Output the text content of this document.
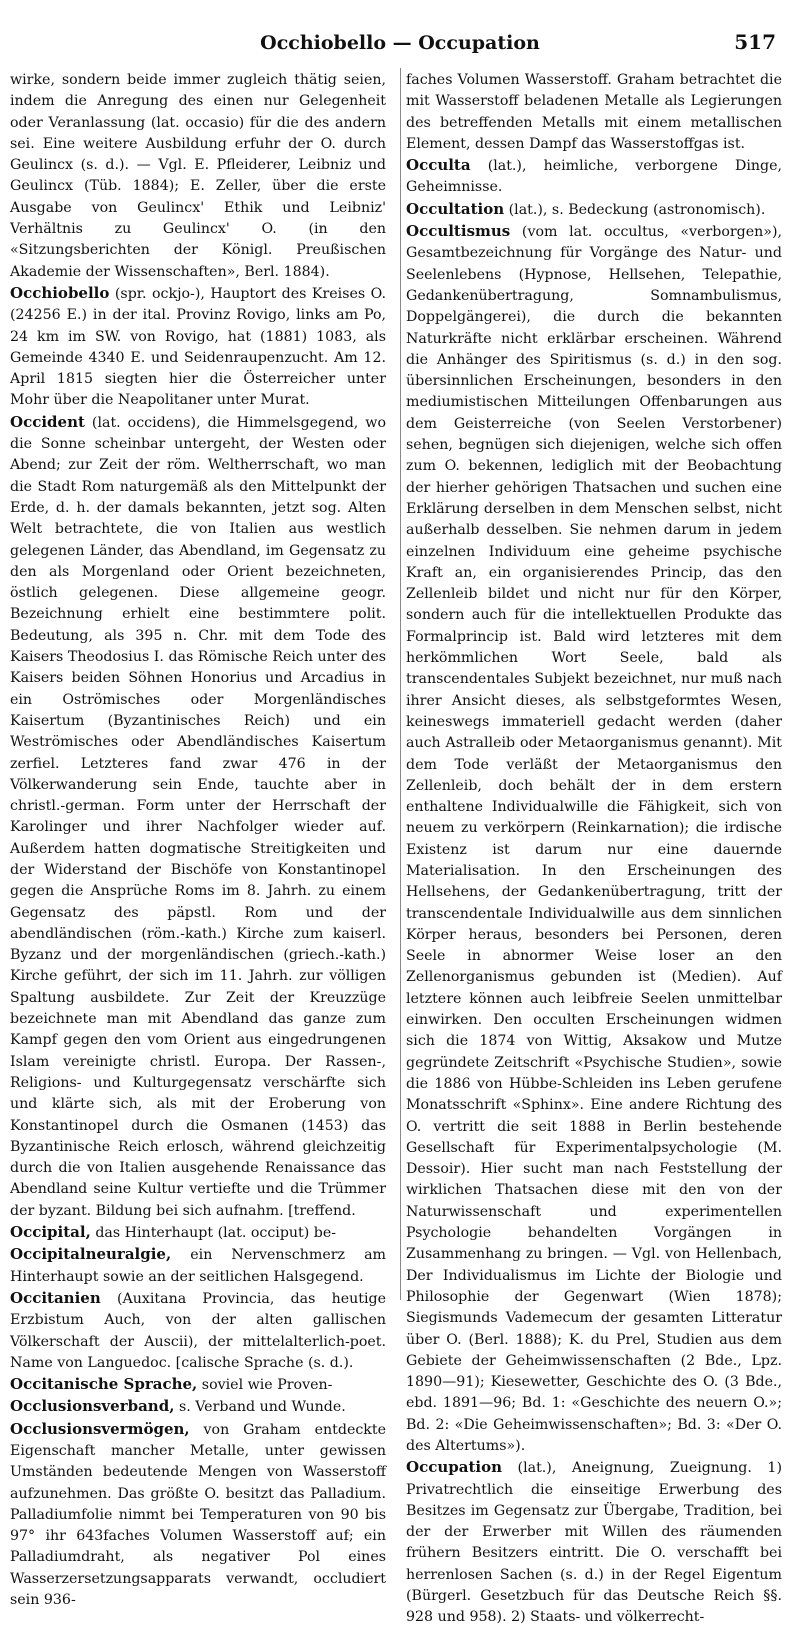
Occhiobello — Occupation	517

wirke, sondern beide immer zugleich thätig seien, indem die Anregung des einen nur Gelegenheit oder Veranlassung (lat. occasio) für die des andern sei. Eine weitere Ausbildung erfuhr der O. durch Geulincx (s. d.). — Vgl. E. Pfleiderer, Leibniz und Geulincx (Tüb. 1884); E. Zeller, über die erste Ausgabe von Geulincx' Ethik und Leibniz' Verhältnis zu Geulincx' O. (in den «Sitzungsberichten der Königl. Preußischen Akademie der Wissenschaften», Berl. 1884).

Occhiobello (spr. ockjo-), Hauptort des Kreises O. (24256 E.) in der ital. Provinz Rovigo, links am Po, 24 km im SW. von Rovigo, hat (1881) 1083, als Gemeinde 4340 E. und Seidenraupenzucht. Am 12. April 1815 siegten hier die Österreicher unter Mohr über die Neapolitaner unter Murat.

Occident (lat. occidens), die Himmelsgegend, wo die Sonne scheinbar untergeht, der Westen oder Abend; zur Zeit der röm. Weltherrschaft, wo man die Stadt Rom naturgemäß als den Mittelpunkt der Erde, d. h. der damals bekannten, jetzt sog. Alten Welt betrachtete, die von Italien aus westlich gelegenen Länder, das Abendland, im Gegensatz zu den als Morgenland oder Orient bezeichneten, östlich gelegenen. Diese allgemeine geogr. Bezeichnung erhielt eine bestimmtere polit. Bedeutung, als 395 n. Chr. mit dem Tode des Kaisers Theodosius I. das Römische Reich unter des Kaisers beiden Söhnen Honorius und Arcadius in ein Oströmisches oder Morgenländisches Kaisertum (Byzantinisches Reich) und ein Weströmisches oder Abendländisches Kaisertum zerfiel. Letzteres fand zwar 476 in der Völkerwanderung sein Ende, tauchte aber in christl.-german. Form unter der Herrschaft der Karolinger und ihrer Nachfolger wieder auf. Außerdem hatten dogmatische Streitigkeiten und der Widerstand der Bischöfe von Konstantinopel gegen die Ansprüche Roms im 8. Jahrh. zu einem Gegensatz des päpstl. Rom und der abendländischen (röm.-kath.) Kirche zum kaiserl. Byzanz und der morgenländischen (griech.-kath.) Kirche geführt, der sich im 11. Jahrh. zur völligen Spaltung ausbildete. Zur Zeit der Kreuzzüge bezeichnete man mit Abendland das ganze zum Kampf gegen den vom Orient aus eingedrungenen Islam vereinigte christl. Europa. Der Rassen-, Religions- und Kulturgegensatz verschärfte sich und klärte sich, als mit der Eroberung von Konstantinopel durch die Osmanen (1453) das Byzantinische Reich erlosch, während gleichzeitig durch die von Italien ausgehende Renaissance das Abendland seine Kultur vertiefte und die Trümmer der byzant. Bildung bei sich aufnahm. [treffend.

Occipital, das Hinterhaupt (lat. occiput) be-

Occipitalneuralgie, ein Nervenschmerz am Hinterhaupt sowie an der seitlichen Halsgegend.

Occitanien (Auxitana Provincia, das heutige Erzbistum Auch, von der alten gallischen Völkerschaft der Auscii), der mittelalterlich-poet. Name von Languedoc. [calische Sprache (s. d.).

Occitanische Sprache, soviel wie Proven-

Occlusionsverband, s. Verband und Wunde.

Occlusionsvermögen, von Graham entdeckte Eigenschaft mancher Metalle, unter gewissen Umständen bedeutende Mengen von Wasserstoff aufzunehmen. Das größte O. besitzt das Palladium. Palladiumfolie nimmt bei Temperaturen von 90 bis 97° ihr 643faches Volumen Wasserstoff auf; ein Palladiumdraht, als negativer Pol eines Wasserzersetzungsapparats verwandt, occludiert sein 936-

faches Volumen Wasserstoff. Graham betrachtet die mit Wasserstoff beladenen Metalle als Legierungen des betreffenden Metalls mit einem metallischen Element, dessen Dampf das Wasserstoffgas ist.

Occulta (lat.), heimliche, verborgene Dinge, Geheimnisse.

Occultation (lat.), s. Bedeckung (astronomisch).

Occultismus (vom lat. occultus, «verborgen»), Gesamtbezeichnung für Vorgänge des Natur- und Seelenlebens (Hypnose, Hellsehen, Telepathie, Gedankenübertragung, Somnambulismus, Doppelgängerei), die durch die bekannten Naturkräfte nicht erklärbar erscheinen. Während die Anhänger des Spiritismus (s. d.) in den sog. übersinnlichen Erscheinungen, besonders in den mediumistischen Mitteilungen Offenbarungen aus dem Geisterreiche (von Seelen Verstorbener) sehen, begnügen sich diejenigen, welche sich offen zum O. bekennen, lediglich mit der Beobachtung der hierher gehörigen Thatsachen und suchen eine Erklärung derselben in dem Menschen selbst, nicht außerhalb desselben. Sie nehmen darum in jedem einzelnen Individuum eine geheime psychische Kraft an, ein organisierendes Princip, das den Zellenleib bildet und nicht nur für den Körper, sondern auch für die intellektuellen Produkte das Formalprincip ist. Bald wird letzteres mit dem herkömmlichen Wort Seele, bald als transcendentales Subjekt bezeichnet, nur muß nach ihrer Ansicht dieses, als selbstgeformtes Wesen, keineswegs immateriell gedacht werden (daher auch Astralleib oder Metaorganismus genannt). Mit dem Tode verläßt der Metaorganismus den Zellenleib, doch behält der in dem erstern enthaltene Individualwille die Fähigkeit, sich von neuem zu verkörpern (Reinkarnation); die irdische Existenz ist darum nur eine dauernde Materialisation. In den Erscheinungen des Hellsehens, der Gedankenübertragung, tritt der transcendentale Individualwille aus dem sinnlichen Körper heraus, besonders bei Personen, deren Seele in abnormer Weise loser an den Zellenorganismus gebunden ist (Medien). Auf letztere können auch leibfreie Seelen unmittelbar einwirken. Den occulten Erscheinungen widmen sich die 1874 von Wittig, Aksakow und Mutze gegründete Zeitschrift «Psychische Studien», sowie die 1886 von Hübbe-Schleiden ins Leben gerufene Monatsschrift «Sphinx». Eine andere Richtung des O. vertritt die seit 1888 in Berlin bestehende Gesellschaft für Experimentalpsychologie (M. Dessoir). Hier sucht man nach Feststellung der wirklichen Thatsachen diese mit den von der Naturwissenschaft und experimentellen Psychologie behandelten Vorgängen in Zusammenhang zu bringen. — Vgl. von Hellenbach, Der Individualismus im Lichte der Biologie und Philosophie der Gegenwart (Wien 1878); Siegismunds Vademecum der gesamten Litteratur über O. (Berl. 1888); K. du Prel, Studien aus dem Gebiete der Geheimwissenschaften (2 Bde., Lpz. 1890—91); Kiesewetter, Geschichte des O. (3 Bde., ebd. 1891—96; Bd. 1: «Geschichte des neuern O.»; Bd. 2: «Die Geheimwissenschaften»; Bd. 3: «Der O. des Altertums»).

Occupation (lat.), Aneignung, Zueignung. 1) Privatrechtlich die einseitige Erwerbung des Besitzes im Gegensatz zur Übergabe, Tradition, bei der der Erwerber mit Willen des räumenden frühern Besitzers eintritt. Die O. verschafft bei herrenlosen Sachen (s. d.) in der Regel Eigentum (Bürgerl. Gesetzbuch für das Deutsche Reich §§. 928 und 958). 2) Staats- und völkerrecht-
